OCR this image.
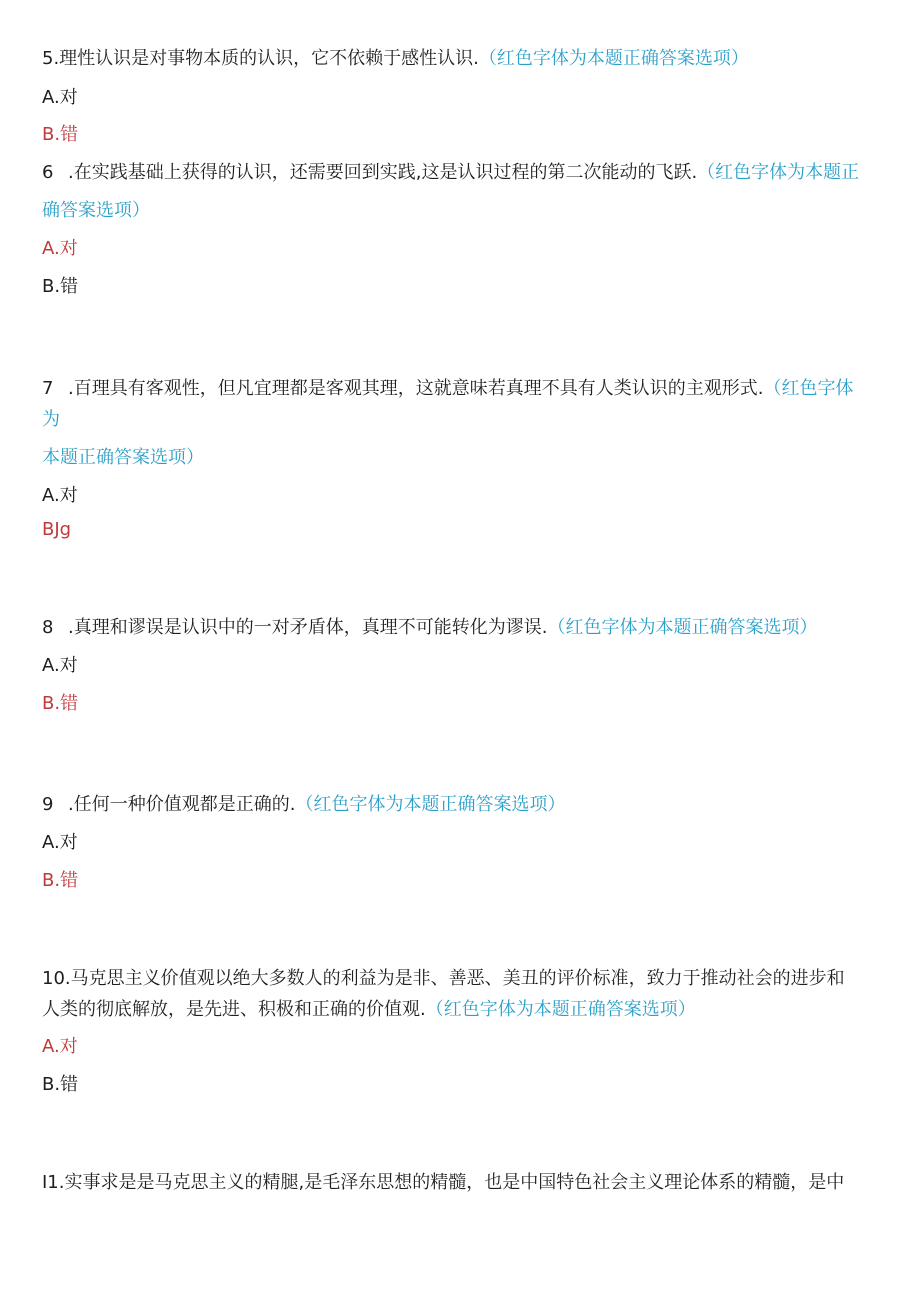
5.理性认识是对事物本质的认识，它不依赖于感性认识.（红色字体为本题正确答案选项）
A.对
B.错
6 .在实践基础上获得的认识，还需要回到实践,这是认识过程的第二次能动的飞跃.（红色字体为本题正
确答案选项）
A.对
B.错
7 .百理具有客观性，但凡宜理都是客观其理，这就意味若真理不具有人类认识的主观形式.（红色字体
为
本题正确答案选项）
A.对
BJg
8 .真理和谬误是认识中的一对矛盾体，真理不可能转化为谬误.（红色字体为本题正确答案选项）
A.对
B.错
9 .任何一种价值观都是正确的.（红色字体为本题正确答案选项）
A.对
B.错
10.马克思主义价值观以绝大多数人的利益为是非、善恶、美丑的评价标准，致力于推动社会的进步和
人类的彻底解放，是先进、积极和正确的价值观.（红色字体为本题正确答案选项）
A.对
B.错
I1.实事求是是马克思主义的精腿,是毛泽东思想的精髓，也是中国特色社会主义理论体系的精髓，是中
